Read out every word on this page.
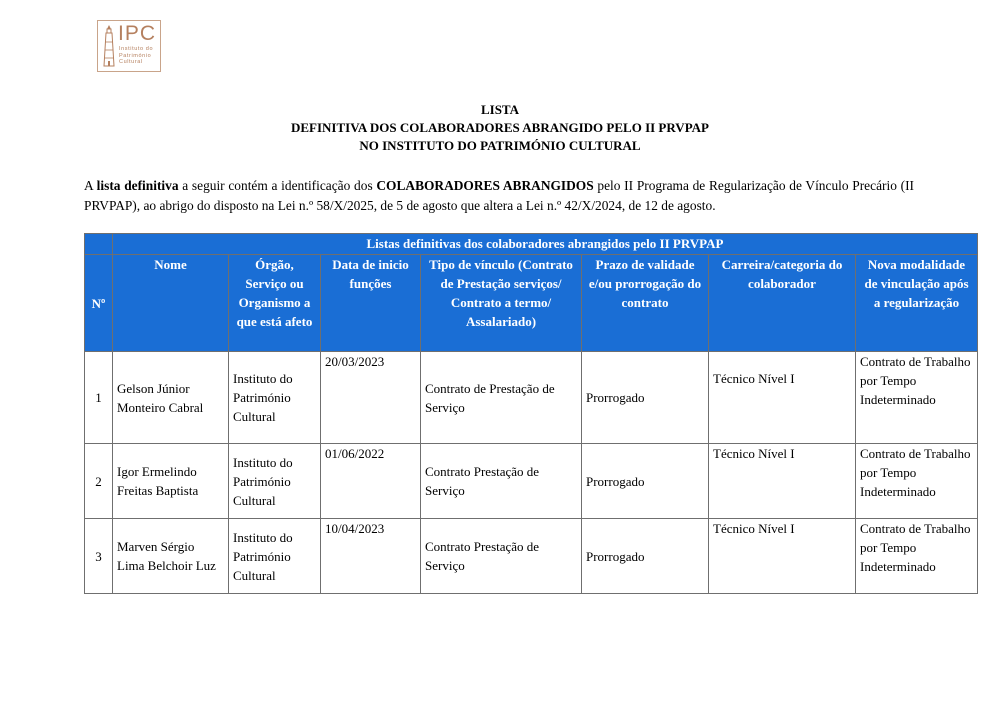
IPC
Instituto do Património Cultural
LISTA
DEFINITIVA DOS COLABORADORES ABRANGIDO PELO II PRVPAP
NO INSTITUTO DO PATRIMÓNIO CULTURAL

A lista definitiva a seguir contém a identificação dos COLABORADORES ABRANGIDOS pelo II Programa de Regularização de Vínculo Precário (II PRVPAP), ao abrigo do disposto na Lei n.º 58/X/2025, de 5 de agosto que altera a Lei n.º 42/X/2024, de 12 de agosto.

	Listas definitivas dos colaboradores abrangidos pelo II PRVPAP						
Nº	Nome	Órgão, Serviço ou Organismo a que está afeto	Data de inicio funções	Tipo de vínculo (Contrato de Prestação serviços/ Contrato a termo/ Assalariado)	Prazo de validade e/ou prorrogação do contrato	Carreira/categoria do colaborador	Nova modalidade de vinculação após a regularização
1	Gelson Júnior Monteiro Cabral	Instituto do Património Cultural	20/03/2023	Contrato de Prestação de Serviço	Prorrogado	Técnico Nível I	Contrato de Trabalho por Tempo Indeterminado
2	Igor Ermelindo Freitas Baptista	Instituto do Património Cultural	01/06/2022	Contrato Prestação de Serviço	Prorrogado	Técnico Nível I	Contrato de Trabalho por Tempo Indeterminado
3	Marven Sérgio Lima Belchoir Luz	Instituto do Património Cultural	10/04/2023	Contrato Prestação de Serviço	Prorrogado	Técnico Nível I	Contrato de Trabalho por Tempo Indeterminado
